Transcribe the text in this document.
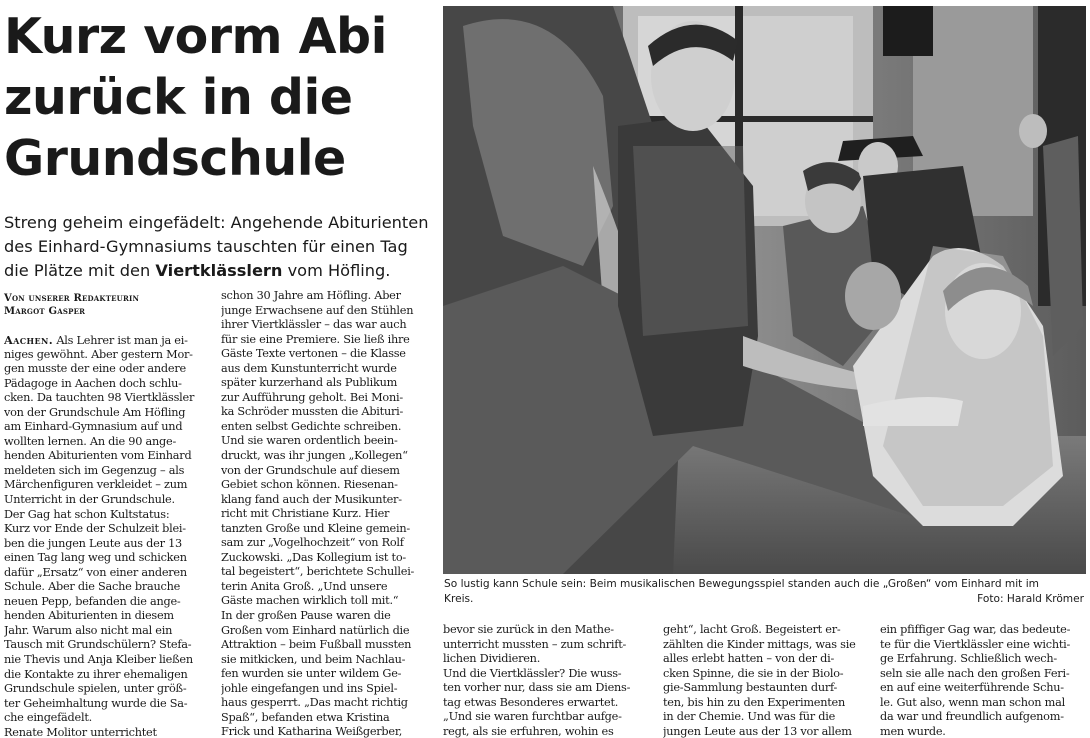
Kurz vorm Abi
zurück in die
Grundschule
Streng geheim eingefädelt: Angehende Abiturienten
des Einhard-Gymnasiums tauschten für einen Tag
die Plätze mit den Viertklässlern vom Höfling.
Von unserer Redakteurin
Margot Gasper
Aachen. Als Lehrer ist man ja ei-
niges gewöhnt. Aber gestern Mor-
gen musste der eine oder andere
Pädagoge in Aachen doch schlu-
cken. Da tauchten 98 Viertklässler
von der Grundschule Am Höfling
am Einhard-Gymnasium auf und
wollten lernen. An die 90 ange-
henden Abiturienten vom Einhard
meldeten sich im Gegenzug – als
Märchenfiguren verkleidet – zum
Unterricht in der Grundschule.
Der Gag hat schon Kultstatus:
Kurz vor Ende der Schulzeit blei-
ben die jungen Leute aus der 13
einen Tag lang weg und schicken
dafür „Ersatz“ von einer anderen
Schule. Aber die Sache brauche
neuen Pepp, befanden die ange-
henden Abiturienten in diesem
Jahr. Warum also nicht mal ein
Tausch mit Grundschülern? Stefa-
nie Thevis und Anja Kleiber ließen
die Kontakte zu ihrer ehemaligen
Grundschule spielen, unter größ-
ter Geheimhaltung wurde die Sa-
che eingefädelt.
Renate Molitor unterrichtet
schon 30 Jahre am Höfling. Aber
junge Erwachsene auf den Stühlen
ihrer Viertklässler – das war auch
für sie eine Premiere. Sie ließ ihre
Gäste Texte vertonen – die Klasse
aus dem Kunstunterricht wurde
später kurzerhand als Publikum
zur Aufführung geholt. Bei Moni-
ka Schröder mussten die Abituri-
enten selbst Gedichte schreiben.
Und sie waren ordentlich beein-
druckt, was ihr jungen „Kollegen“
von der Grundschule auf diesem
Gebiet schon können. Riesenan-
klang fand auch der Musikunter-
richt mit Christiane Kurz. Hier
tanzten Große und Kleine gemein-
sam zur „Vogelhochzeit“ von Rolf
Zuckowski. „Das Kollegium ist to-
tal begeistert“, berichtete Schullei-
terin Anita Groß. „Und unsere
Gäste machen wirklich toll mit.“
In der großen Pause waren die
Großen vom Einhard natürlich die
Attraktion – beim Fußball mussten
sie mitkicken, und beim Nachlau-
fen wurden sie unter wildem Ge-
johle eingefangen und ins Spiel-
haus gesperrt. „Das macht richtig
Spaß“, befanden etwa Kristina
Frick und Katharina Weißgerber,
bevor sie zurück in den Mathe-
unterricht mussten – zum schrift-
lichen Dividieren.
Und die Viertklässler? Die wuss-
ten vorher nur, dass sie am Diens-
tag etwas Besonderes erwartet.
„Und sie waren furchtbar aufge-
regt, als sie erfuhren, wohin es
geht“, lacht Groß. Begeistert er-
zählten die Kinder mittags, was sie
alles erlebt hatten – von der di-
cken Spinne, die sie in der Biolo-
gie-Sammlung bestaunten durf-
ten, bis hin zu den Experimenten
in der Chemie. Und was für die
jungen Leute aus der 13 vor allem
ein pfiffiger Gag war, das bedeute-
te für die Viertklässler eine wichti-
ge Erfahrung. Schließlich wech-
seln sie alle nach den großen Feri-
en auf eine weiterführende Schu-
le. Gut also, wenn man schon mal
da war und freundlich aufgenom-
men wurde.
So lustig kann Schule sein: Beim musikalischen Bewegungsspiel standen auch die „Großen“ vom Einhard mit im
Kreis.	Foto: Harald Krömer
